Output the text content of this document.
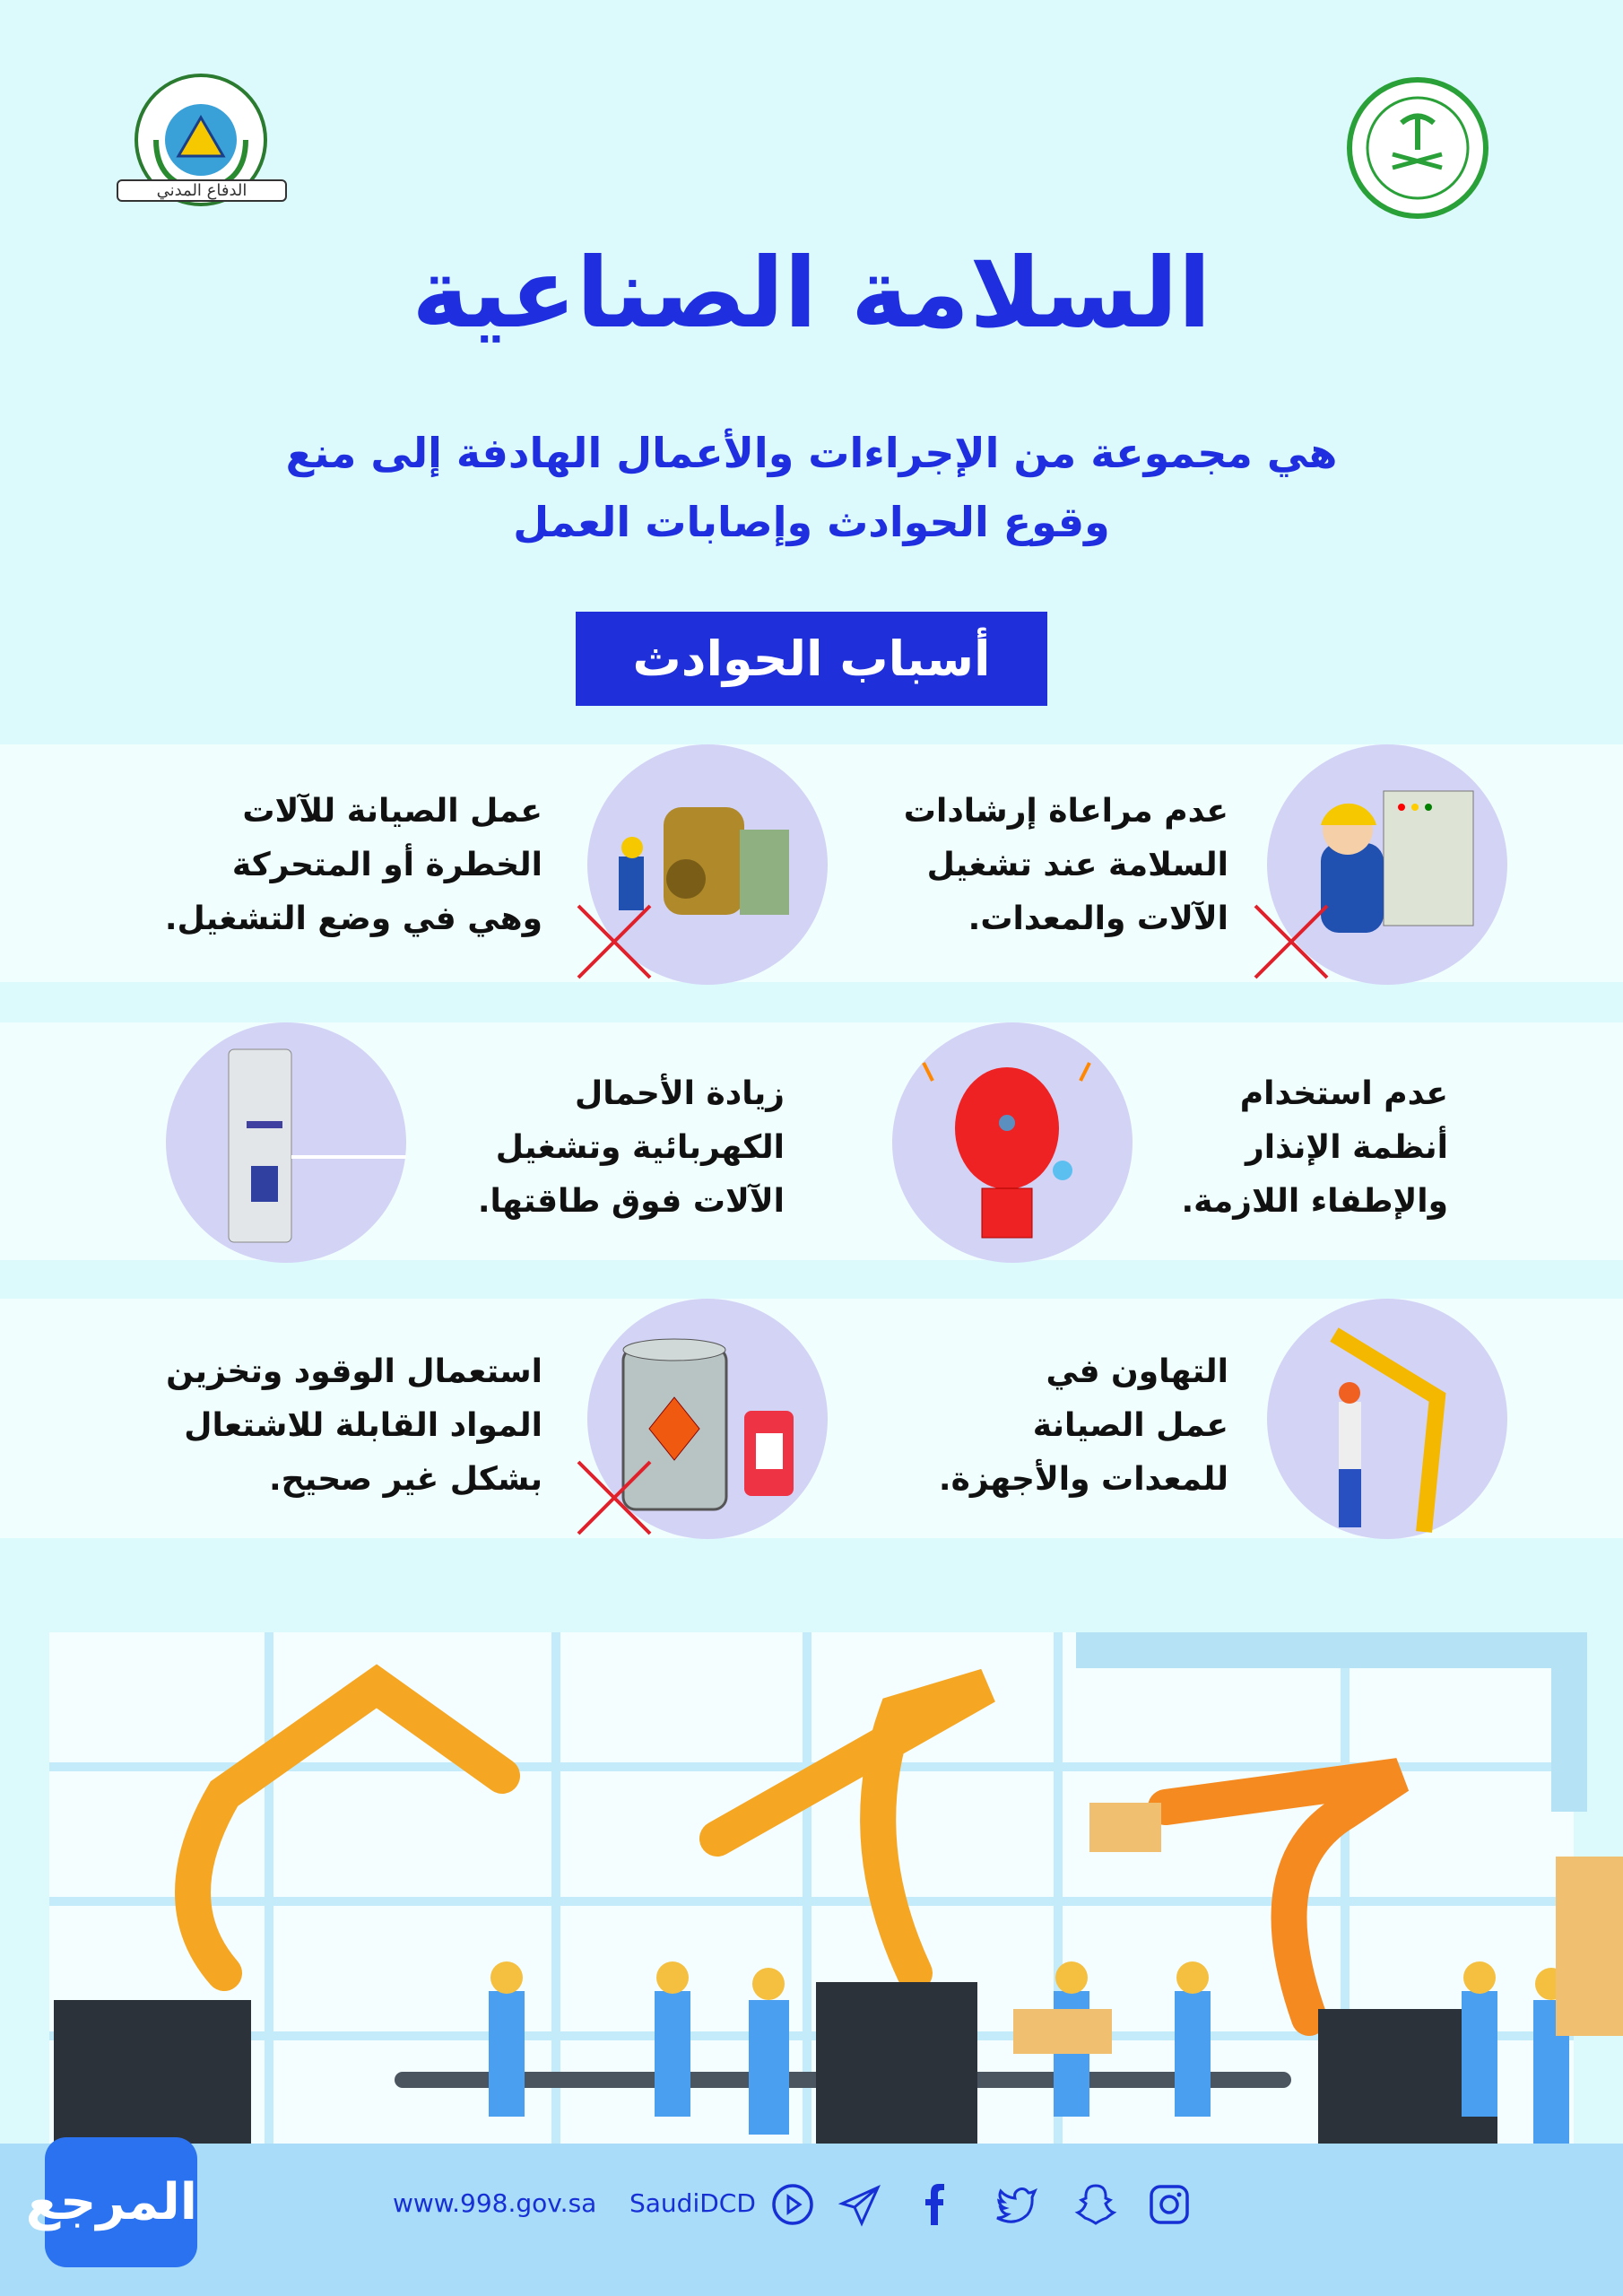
الدفاع المدني
السلامة الصناعية
هي مجموعة من الإجراءات والأعمال الهادفة إلى منع
وقوع الحوادث وإصابات العمل
أسباب الحوادث
عدم مراعاة إرشادات
السلامة عند تشغيل
الآلات والمعدات.
عمل الصيانة للآلات
الخطرة أو المتحركة
وهي في وضع التشغيل.
عدم استخدام
أنظمة الإنذار
والإطفاء اللازمة.
زيادة الأحمال
الكهربائية وتشغيل
الآلات فوق طاقتها.
التهاون في
عمل الصيانة
للمعدات والأجهزة.
استعمال الوقود وتخزين
المواد القابلة للاشتعال
بشكل غير صحيح.
المرجع	www.998.gov.sa SaudiDCD
